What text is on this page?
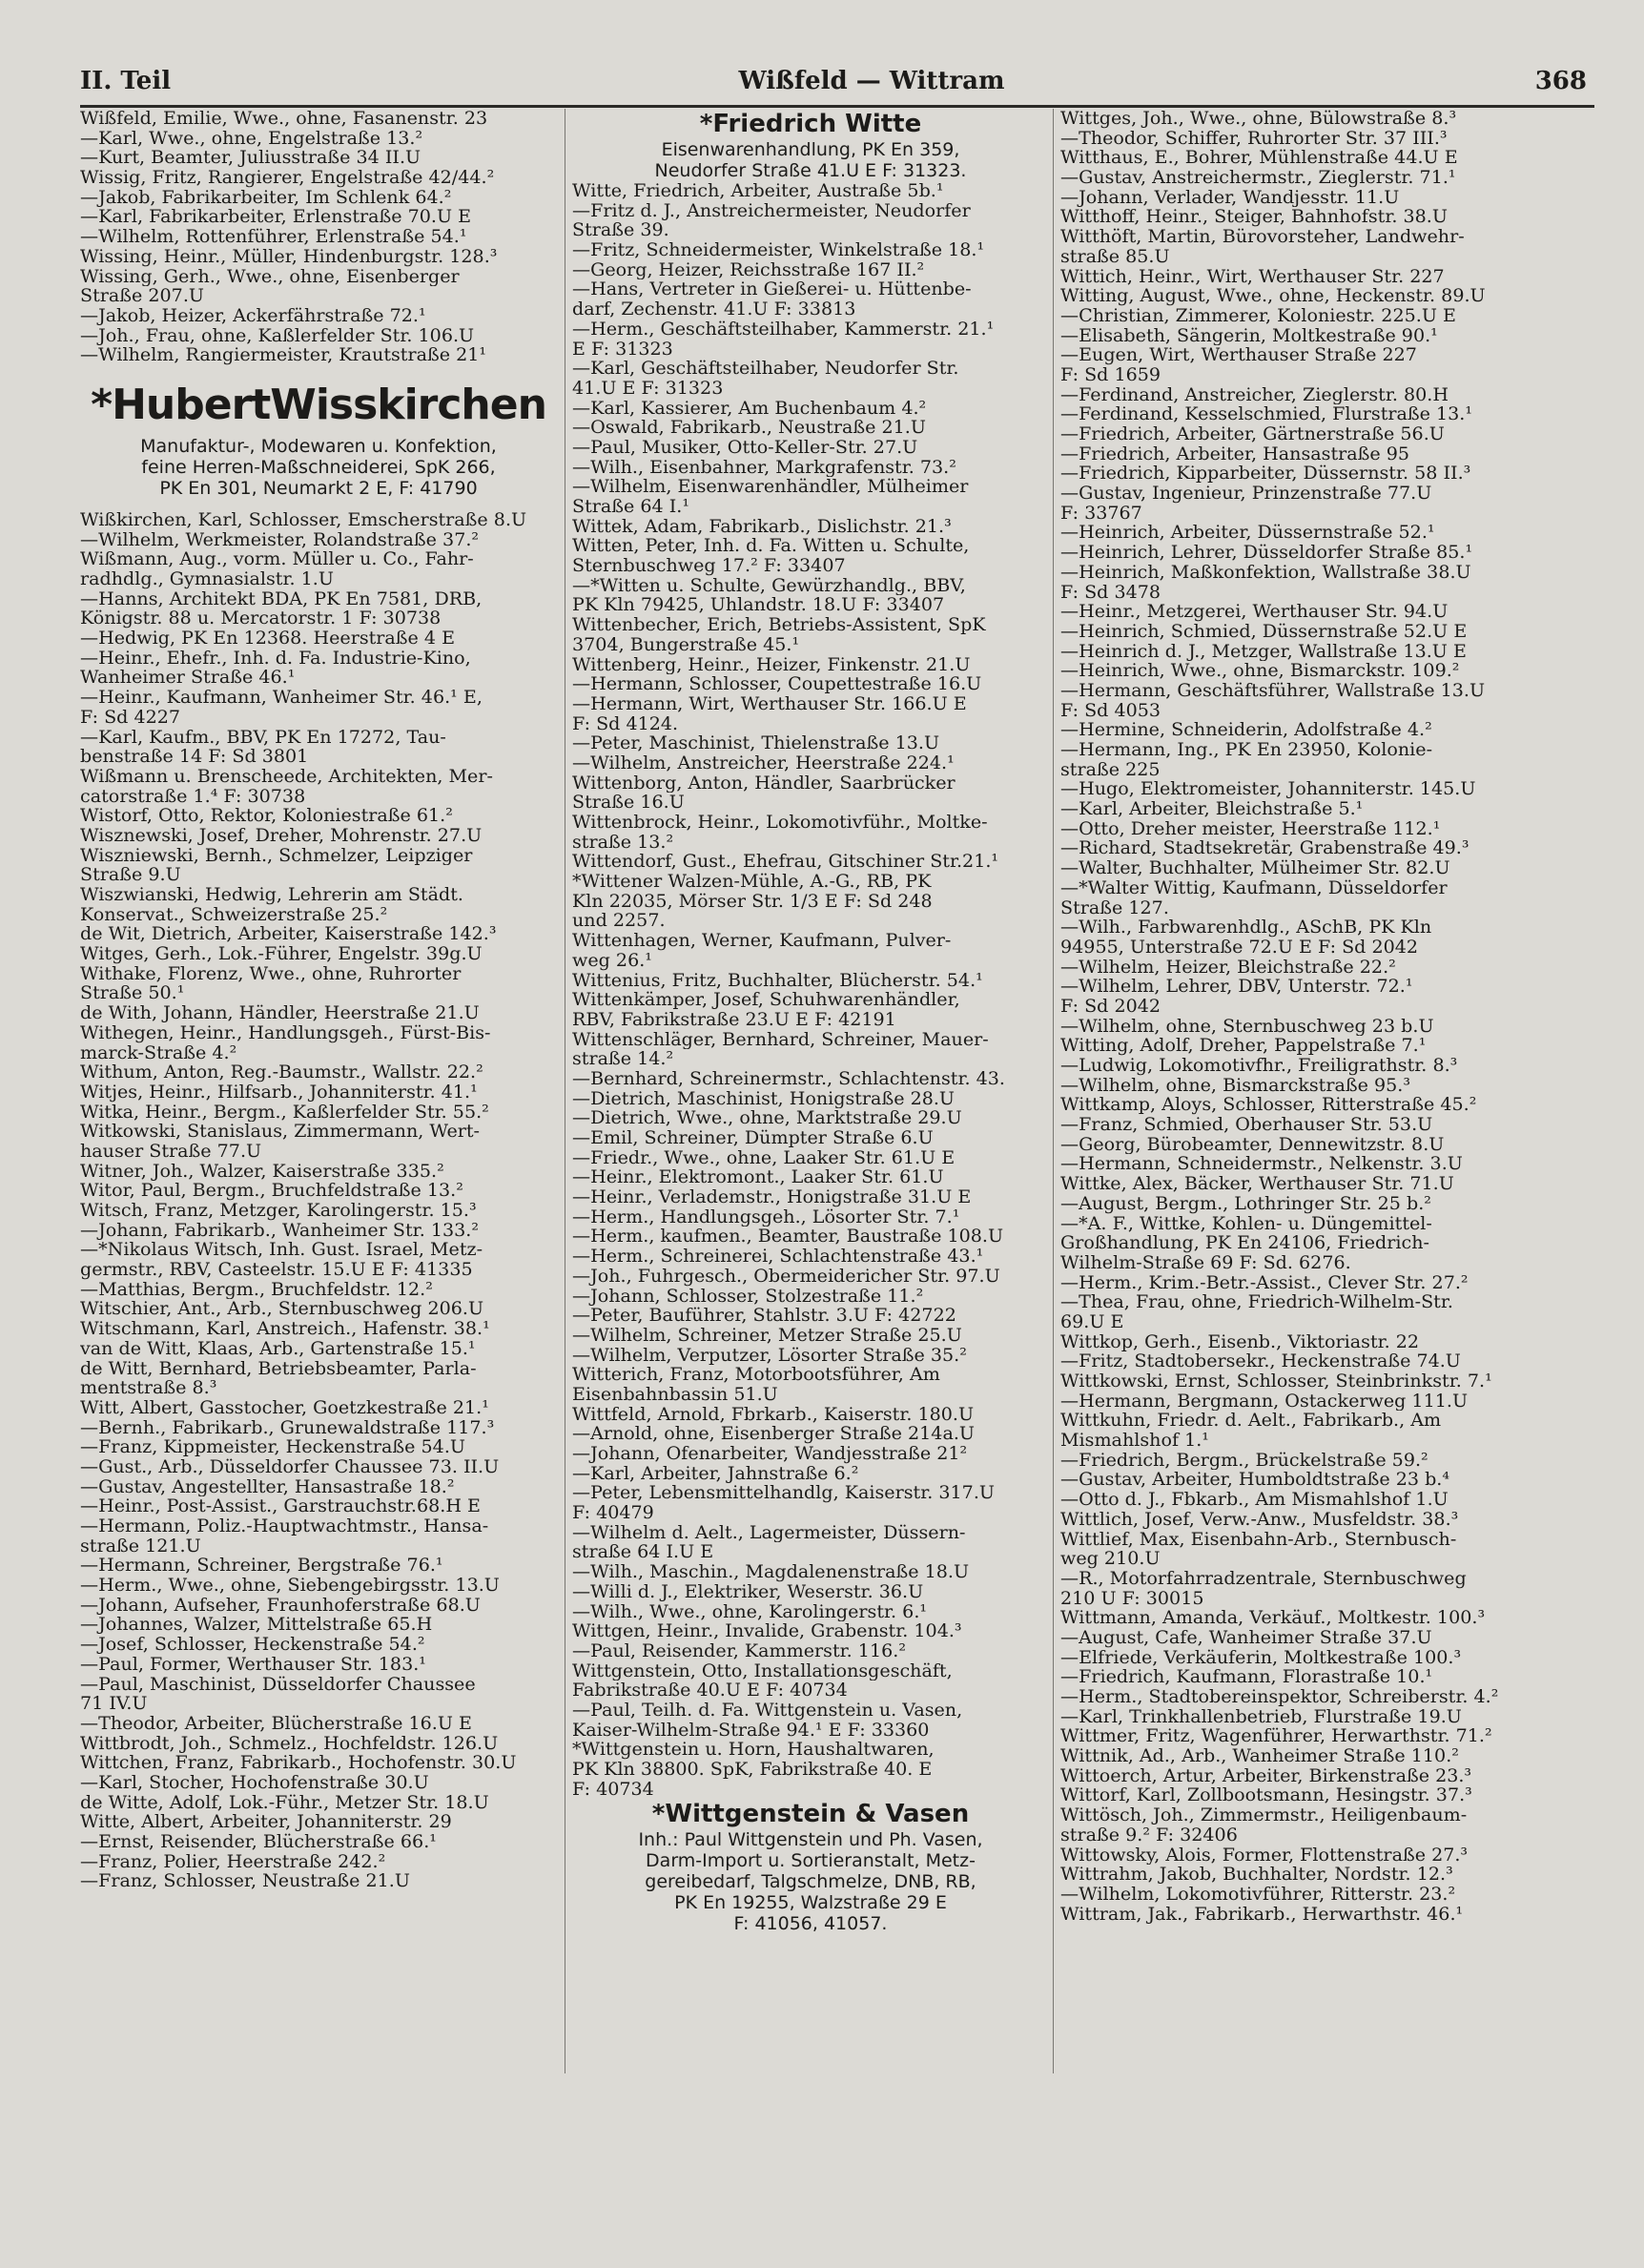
II. Teil	Wißfeld — Wittram	368
Wißfeld, Emilie, Wwe., ohne, Fasanenstr. 23
—Karl, Wwe., ohne, Engelstraße 13.²
—Kurt, Beamter, Juliusstraße 34 II.U
Wissig, Fritz, Rangierer, Engelstraße 42/44.²
—Jakob, Fabrikarbeiter, Im Schlenk 64.²
—Karl, Fabrikarbeiter, Erlenstraße 70.U E
—Wilhelm, Rottenführer, Erlenstraße 54.¹
Wissing, Heinr., Müller, Hindenburgstr. 128.³
Wissing, Gerh., Wwe., ohne, Eisenberger
Straße 207.U
—Jakob, Heizer, Ackerfährstraße 72.¹
—Joh., Frau, ohne, Kaßlerfelder Str. 106.U
—Wilhelm, Rangiermeister, Krautstraße 21¹
*HubertWisskirchen
Manufaktur-, Modewaren u. Konfektion,
feine Herren-Maßschneiderei, SpK 266,
PK En 301, Neumarkt 2 E, F: 41790
Wißkirchen, Karl, Schlosser, Emscherstraße 8.U
—Wilhelm, Werkmeister, Rolandstraße 37.²
Wißmann, Aug., vorm. Müller u. Co., Fahr-
radhdlg., Gymnasialstr. 1.U
—Hanns, Architekt BDA, PK En 7581, DRB,
Königstr. 88 u. Mercatorstr. 1 F: 30738
—Hedwig, PK En 12368. Heerstraße 4 E
—Heinr., Ehefr., Inh. d. Fa. Industrie-Kino,
Wanheimer Straße 46.¹
—Heinr., Kaufmann, Wanheimer Str. 46.¹ E,
F: Sd 4227
—Karl, Kaufm., BBV, PK En 17272, Tau-
benstraße 14 F: Sd 3801
Wißmann u. Brenscheede, Architekten, Mer-
catorstraße 1.⁴ F: 30738
Wistorf, Otto, Rektor, Koloniestraße 61.²
Wisznewski, Josef, Dreher, Mohrenstr. 27.U
Wiszniewski, Bernh., Schmelzer, Leipziger
Straße 9.U
Wiszwianski, Hedwig, Lehrerin am Städt.
Konservat., Schweizerstraße 25.²
de Wit, Dietrich, Arbeiter, Kaiserstraße 142.³
Witges, Gerh., Lok.-Führer, Engelstr. 39g.U
Withake, Florenz, Wwe., ohne, Ruhrorter
Straße 50.¹
de With, Johann, Händler, Heerstraße 21.U
Withegen, Heinr., Handlungsgeh., Fürst-Bis-
marck-Straße 4.²
Withum, Anton, Reg.-Baumstr., Wallstr. 22.²
Witjes, Heinr., Hilfsarb., Johanniterstr. 41.¹
Witka, Heinr., Bergm., Kaßlerfelder Str. 55.²
Witkowski, Stanislaus, Zimmermann, Wert-
hauser Straße 77.U
Witner, Joh., Walzer, Kaiserstraße 335.²
Witor, Paul, Bergm., Bruchfeldstraße 13.²
Witsch, Franz, Metzger, Karolingerstr. 15.³
—Johann, Fabrikarb., Wanheimer Str. 133.²
—*Nikolaus Witsch, Inh. Gust. Israel, Metz-
germstr., RBV, Casteelstr. 15.U E F: 41335
—Matthias, Bergm., Bruchfeldstr. 12.²
Witschier, Ant., Arb., Sternbuschweg 206.U
Witschmann, Karl, Anstreich., Hafenstr. 38.¹
van de Witt, Klaas, Arb., Gartenstraße 15.¹
de Witt, Bernhard, Betriebsbeamter, Parla-
mentstraße 8.³
Witt, Albert, Gasstocher, Goetzkestraße 21.¹
—Bernh., Fabrikarb., Grunewaldstraße 117.³
—Franz, Kippmeister, Heckenstraße 54.U
—Gust., Arb., Düsseldorfer Chaussee 73. II.U
—Gustav, Angestellter, Hansastraße 18.²
—Heinr., Post-Assist., Garstrauchstr.68.H E
—Hermann, Poliz.-Hauptwachtmstr., Hansa-
straße 121.U
—Hermann, Schreiner, Bergstraße 76.¹
—Herm., Wwe., ohne, Siebengebirgsstr. 13.U
—Johann, Aufseher, Fraunhoferstraße 68.U
—Johannes, Walzer, Mittelstraße 65.H
—Josef, Schlosser, Heckenstraße 54.²
—Paul, Former, Werthauser Str. 183.¹
—Paul, Maschinist, Düsseldorfer Chaussee
71 IV.U
—Theodor, Arbeiter, Blücherstraße 16.U E
Wittbrodt, Joh., Schmelz., Hochfeldstr. 126.U
Wittchen, Franz, Fabrikarb., Hochofenstr. 30.U
—Karl, Stocher, Hochofenstraße 30.U
de Witte, Adolf, Lok.-Führ., Metzer Str. 18.U
Witte, Albert, Arbeiter, Johanniterstr. 29
—Ernst, Reisender, Blücherstraße 66.¹
—Franz, Polier, Heerstraße 242.²
—Franz, Schlosser, Neustraße 21.U
*Friedrich Witte
Eisenwarenhandlung, PK En 359,
Neudorfer Straße 41.U E F: 31323.
Witte, Friedrich, Arbeiter, Austraße 5b.¹
—Fritz d. J., Anstreichermeister, Neudorfer
Straße 39.
—Fritz, Schneidermeister, Winkelstraße 18.¹
—Georg, Heizer, Reichsstraße 167 II.²
—Hans, Vertreter in Gießerei- u. Hüttenbe-
darf, Zechenstr. 41.U F: 33813
—Herm., Geschäftsteilhaber, Kammerstr. 21.¹
E F: 31323
—Karl, Geschäftsteilhaber, Neudorfer Str.
41.U E F: 31323
—Karl, Kassierer, Am Buchenbaum 4.²
—Oswald, Fabrikarb., Neustraße 21.U
—Paul, Musiker, Otto-Keller-Str. 27.U
—Wilh., Eisenbahner, Markgrafenstr. 73.²
—Wilhelm, Eisenwarenhändler, Mülheimer
Straße 64 I.¹
Wittek, Adam, Fabrikarb., Dislichstr. 21.³
Witten, Peter, Inh. d. Fa. Witten u. Schulte,
Sternbuschweg 17.² F: 33407
—*Witten u. Schulte, Gewürzhandlg., BBV,
PK Kln 79425, Uhlandstr. 18.U F: 33407
Wittenbecher, Erich, Betriebs-Assistent, SpK
3704, Bungerstraße 45.¹
Wittenberg, Heinr., Heizer, Finkenstr. 21.U
—Hermann, Schlosser, Coupettestraße 16.U
—Hermann, Wirt, Werthauser Str. 166.U E
F: Sd 4124.
—Peter, Maschinist, Thielenstraße 13.U
—Wilhelm, Anstreicher, Heerstraße 224.¹
Wittenborg, Anton, Händler, Saarbrücker
Straße 16.U
Wittenbrock, Heinr., Lokomotivführ., Moltke-
straße 13.²
Wittendorf, Gust., Ehefrau, Gitschiner Str.21.¹
*Wittener Walzen-Mühle, A.-G., RB, PK
Kln 22035, Mörser Str. 1/3 E F: Sd 248
und 2257.
Wittenhagen, Werner, Kaufmann, Pulver-
weg 26.¹
Wittenius, Fritz, Buchhalter, Blücherstr. 54.¹
Wittenkämper, Josef, Schuhwarenhändler,
RBV, Fabrikstraße 23.U E F: 42191
Wittenschläger, Bernhard, Schreiner, Mauer-
straße 14.²
—Bernhard, Schreinermstr., Schlachtenstr. 43.
—Dietrich, Maschinist, Honigstraße 28.U
—Dietrich, Wwe., ohne, Marktstraße 29.U
—Emil, Schreiner, Dümpter Straße 6.U
—Friedr., Wwe., ohne, Laaker Str. 61.U E
—Heinr., Elektromont., Laaker Str. 61.U
—Heinr., Verlademstr., Honigstraße 31.U E
—Herm., Handlungsgeh., Lösorter Str. 7.¹
—Herm., kaufmen., Beamter, Baustraße 108.U
—Herm., Schreinerei, Schlachtenstraße 43.¹
—Joh., Fuhrgesch., Obermeidericher Str. 97.U
—Johann, Schlosser, Stolzestraße 11.²
—Peter, Bauführer, Stahlstr. 3.U F: 42722
—Wilhelm, Schreiner, Metzer Straße 25.U
—Wilhelm, Verputzer, Lösorter Straße 35.²
Witterich, Franz, Motorbootsführer, Am
Eisenbahnbassin 51.U
Wittfeld, Arnold, Fbrkarb., Kaiserstr. 180.U
—Arnold, ohne, Eisenberger Straße 214a.U
—Johann, Ofenarbeiter, Wandjesstraße 21²
—Karl, Arbeiter, Jahnstraße 6.²
—Peter, Lebensmittelhandlg, Kaiserstr. 317.U
F: 40479
—Wilhelm d. Aelt., Lagermeister, Düssern-
straße 64 I.U E
—Wilh., Maschin., Magdalenenstraße 18.U
—Willi d. J., Elektriker, Weserstr. 36.U
—Wilh., Wwe., ohne, Karolingerstr. 6.¹
Wittgen, Heinr., Invalide, Grabenstr. 104.³
—Paul, Reisender, Kammerstr. 116.²
Wittgenstein, Otto, Installationsgeschäft,
Fabrikstraße 40.U E F: 40734
—Paul, Teilh. d. Fa. Wittgenstein u. Vasen,
Kaiser-Wilhelm-Straße 94.¹ E F: 33360
*Wittgenstein u. Horn, Haushaltwaren,
PK Kln 38800. SpK, Fabrikstraße 40. E
F: 40734
*Wittgenstein & Vasen
Inh.: Paul Wittgenstein und Ph. Vasen,
Darm-Import u. Sortieranstalt, Metz-
gereibedarf, Talgschmelze, DNB, RB,
PK En 19255, Walzstraße 29 E
F: 41056, 41057.
Wittges, Joh., Wwe., ohne, Bülowstraße 8.³
—Theodor, Schiffer, Ruhrorter Str. 37 III.³
Witthaus, E., Bohrer, Mühlenstraße 44.U E
—Gustav, Anstreichermstr., Zieglerstr. 71.¹
—Johann, Verlader, Wandjesstr. 11.U
Witthoff, Heinr., Steiger, Bahnhofstr. 38.U
Witthöft, Martin, Bürovorsteher, Landwehr-
straße 85.U
Wittich, Heinr., Wirt, Werthauser Str. 227
Witting, August, Wwe., ohne, Heckenstr. 89.U
—Christian, Zimmerer, Koloniestr. 225.U E
—Elisabeth, Sängerin, Moltkestraße 90.¹
—Eugen, Wirt, Werthauser Straße 227
F: Sd 1659
—Ferdinand, Anstreicher, Zieglerstr. 80.H
—Ferdinand, Kesselschmied, Flurstraße 13.¹
—Friedrich, Arbeiter, Gärtnerstraße 56.U
—Friedrich, Arbeiter, Hansastraße 95
—Friedrich, Kipparbeiter, Düssernstr. 58 II.³
—Gustav, Ingenieur, Prinzenstraße 77.U
F: 33767
—Heinrich, Arbeiter, Düssernstraße 52.¹
—Heinrich, Lehrer, Düsseldorfer Straße 85.¹
—Heinrich, Maßkonfektion, Wallstraße 38.U
F: Sd 3478
—Heinr., Metzgerei, Werthauser Str. 94.U
—Heinrich, Schmied, Düssernstraße 52.U E
—Heinrich d. J., Metzger, Wallstraße 13.U E
—Heinrich, Wwe., ohne, Bismarckstr. 109.²
—Hermann, Geschäftsführer, Wallstraße 13.U
F: Sd 4053
—Hermine, Schneiderin, Adolfstraße 4.²
—Hermann, Ing., PK En 23950, Kolonie-
straße 225
—Hugo, Elektromeister, Johanniterstr. 145.U
—Karl, Arbeiter, Bleichstraße 5.¹
—Otto, Dreher meister, Heerstraße 112.¹
—Richard, Stadtsekretär, Grabenstraße 49.³
—Walter, Buchhalter, Mülheimer Str. 82.U
—*Walter Wittig, Kaufmann, Düsseldorfer
Straße 127.
—Wilh., Farbwarenhdlg., ASchB, PK Kln
94955, Unterstraße 72.U E F: Sd 2042
—Wilhelm, Heizer, Bleichstraße 22.²
—Wilhelm, Lehrer, DBV, Unterstr. 72.¹
F: Sd 2042
—Wilhelm, ohne, Sternbuschweg 23 b.U
Witting, Adolf, Dreher, Pappelstraße 7.¹
—Ludwig, Lokomotivfhr., Freiligrathstr. 8.³
—Wilhelm, ohne, Bismarckstraße 95.³
Wittkamp, Aloys, Schlosser, Ritterstraße 45.²
—Franz, Schmied, Oberhauser Str. 53.U
—Georg, Bürobeamter, Dennewitzstr. 8.U
—Hermann, Schneidermstr., Nelkenstr. 3.U
Wittke, Alex, Bäcker, Werthauser Str. 71.U
—August, Bergm., Lothringer Str. 25 b.²
—*A. F., Wittke, Kohlen- u. Düngemittel-
Großhandlung, PK En 24106, Friedrich-
Wilhelm-Straße 69 F: Sd. 6276.
—Herm., Krim.-Betr.-Assist., Clever Str. 27.²
—Thea, Frau, ohne, Friedrich-Wilhelm-Str.
69.U E
Wittkop, Gerh., Eisenb., Viktoriastr. 22
—Fritz, Stadtobersekr., Heckenstraße 74.U
Wittkowski, Ernst, Schlosser, Steinbrinkstr. 7.¹
—Hermann, Bergmann, Ostackerweg 111.U
Wittkuhn, Friedr. d. Aelt., Fabrikarb., Am
Mismahlshof 1.¹
—Friedrich, Bergm., Brückelstraße 59.²
—Gustav, Arbeiter, Humboldtstraße 23 b.⁴
—Otto d. J., Fbkarb., Am Mismahlshof 1.U
Wittlich, Josef, Verw.-Anw., Musfeldstr. 38.³
Wittlief, Max, Eisenbahn-Arb., Sternbusch-
weg 210.U
—R., Motorfahrradzentrale, Sternbuschweg
210 U F: 30015
Wittmann, Amanda, Verkäuf., Moltkestr. 100.³
—August, Cafe, Wanheimer Straße 37.U
—Elfriede, Verkäuferin, Moltkestraße 100.³
—Friedrich, Kaufmann, Florastraße 10.¹
—Herm., Stadtobereinspektor, Schreiberstr. 4.²
—Karl, Trinkhallenbetrieb, Flurstraße 19.U
Wittmer, Fritz, Wagenführer, Herwarthstr. 71.²
Wittnik, Ad., Arb., Wanheimer Straße 110.²
Wittoerch, Artur, Arbeiter, Birkenstraße 23.³
Wittorf, Karl, Zollbootsmann, Hesingstr. 37.³
Wittösch, Joh., Zimmermstr., Heiligenbaum-
straße 9.² F: 32406
Wittowsky, Alois, Former, Flottenstraße 27.³
Wittrahm, Jakob, Buchhalter, Nordstr. 12.³
—Wilhelm, Lokomotivführer, Ritterstr. 23.²
Wittram, Jak., Fabrikarb., Herwarthstr. 46.¹
